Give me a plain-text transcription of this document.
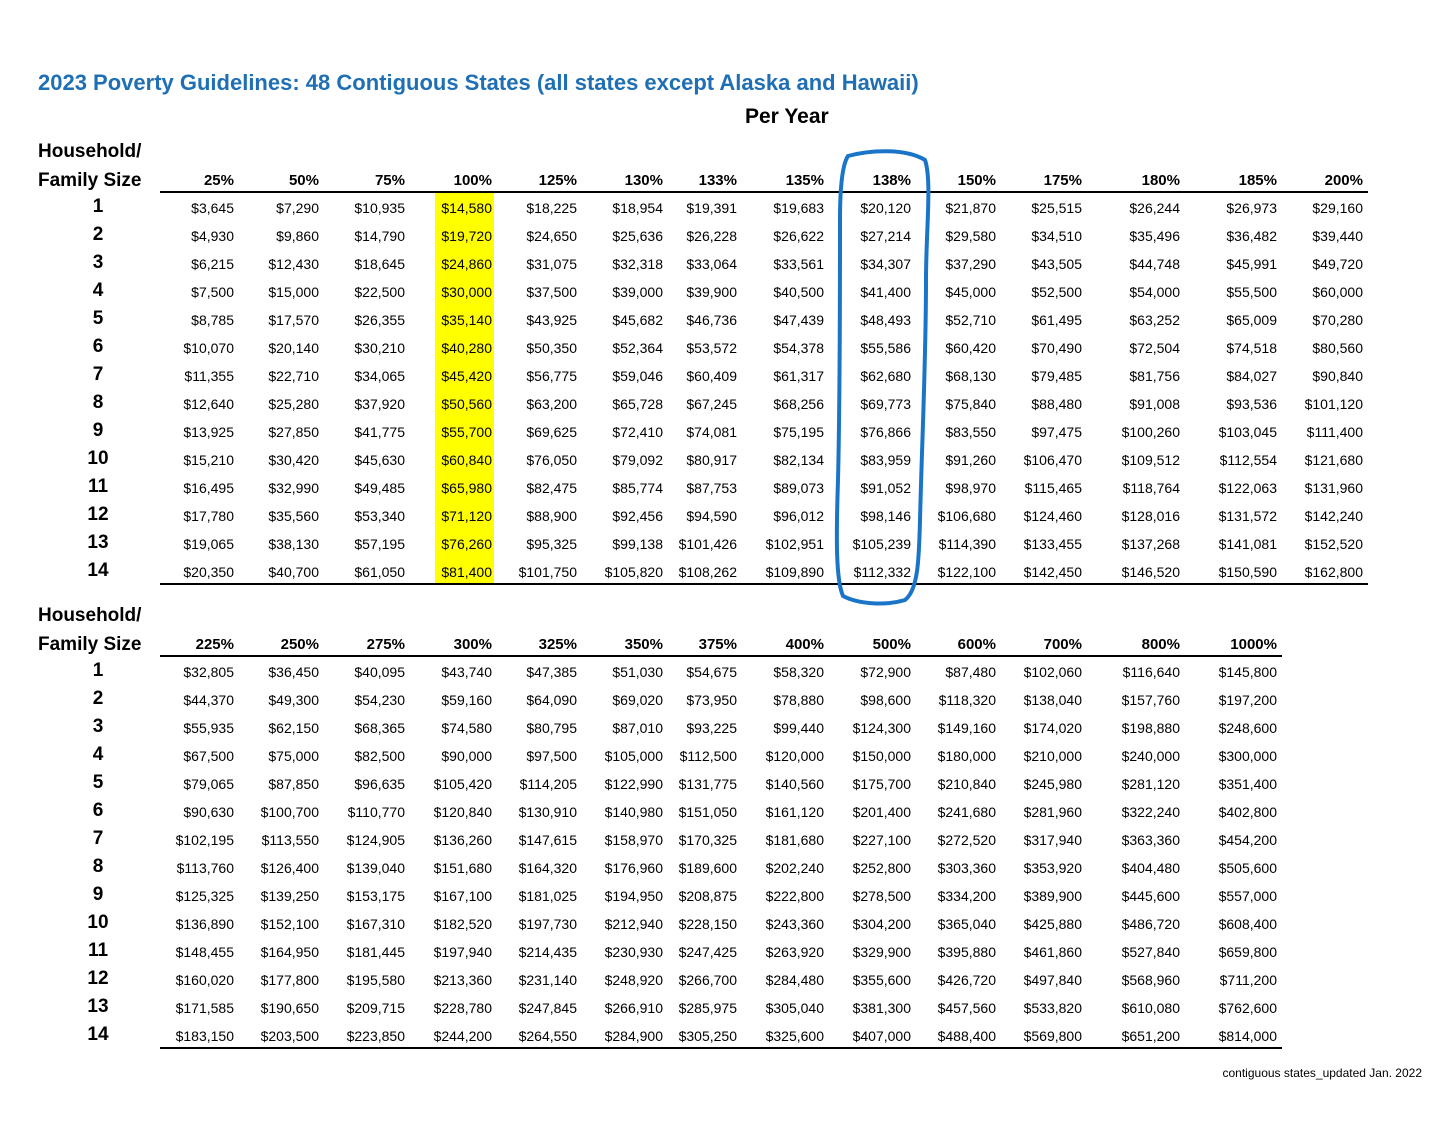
2023 Poverty Guidelines: 48 Contiguous States (all states except Alaska and Hawaii)
Per Year
Household/
Family Size	25%	50%	75%	100%	125%	130%	133%	135%	138%	150%	175%	180%	185%	200%
1	$3,645	$7,290	$10,935	$14,580	$18,225	$18,954	$19,391	$19,683	$20,120	$21,870	$25,515	$26,244	$26,973	$29,160
2	$4,930	$9,860	$14,790	$19,720	$24,650	$25,636	$26,228	$26,622	$27,214	$29,580	$34,510	$35,496	$36,482	$39,440
3	$6,215	$12,430	$18,645	$24,860	$31,075	$32,318	$33,064	$33,561	$34,307	$37,290	$43,505	$44,748	$45,991	$49,720
4	$7,500	$15,000	$22,500	$30,000	$37,500	$39,000	$39,900	$40,500	$41,400	$45,000	$52,500	$54,000	$55,500	$60,000
5	$8,785	$17,570	$26,355	$35,140	$43,925	$45,682	$46,736	$47,439	$48,493	$52,710	$61,495	$63,252	$65,009	$70,280
6	$10,070	$20,140	$30,210	$40,280	$50,350	$52,364	$53,572	$54,378	$55,586	$60,420	$70,490	$72,504	$74,518	$80,560
7	$11,355	$22,710	$34,065	$45,420	$56,775	$59,046	$60,409	$61,317	$62,680	$68,130	$79,485	$81,756	$84,027	$90,840
8	$12,640	$25,280	$37,920	$50,560	$63,200	$65,728	$67,245	$68,256	$69,773	$75,840	$88,480	$91,008	$93,536	$101,120
9	$13,925	$27,850	$41,775	$55,700	$69,625	$72,410	$74,081	$75,195	$76,866	$83,550	$97,475	$100,260	$103,045	$111,400
10	$15,210	$30,420	$45,630	$60,840	$76,050	$79,092	$80,917	$82,134	$83,959	$91,260	$106,470	$109,512	$112,554	$121,680
11	$16,495	$32,990	$49,485	$65,980	$82,475	$85,774	$87,753	$89,073	$91,052	$98,970	$115,465	$118,764	$122,063	$131,960
12	$17,780	$35,560	$53,340	$71,120	$88,900	$92,456	$94,590	$96,012	$98,146	$106,680	$124,460	$128,016	$131,572	$142,240
13	$19,065	$38,130	$57,195	$76,260	$95,325	$99,138	$101,426	$102,951	$105,239	$114,390	$133,455	$137,268	$141,081	$152,520
14	$20,350	$40,700	$61,050	$81,400	$101,750	$105,820	$108,262	$109,890	$112,332	$122,100	$142,450	$146,520	$150,590	$162,800
Household/
Family Size	225%	250%	275%	300%	325%	350%	375%	400%	500%	600%	700%	800%	1000%
1	$32,805	$36,450	$40,095	$43,740	$47,385	$51,030	$54,675	$58,320	$72,900	$87,480	$102,060	$116,640	$145,800
2	$44,370	$49,300	$54,230	$59,160	$64,090	$69,020	$73,950	$78,880	$98,600	$118,320	$138,040	$157,760	$197,200
3	$55,935	$62,150	$68,365	$74,580	$80,795	$87,010	$93,225	$99,440	$124,300	$149,160	$174,020	$198,880	$248,600
4	$67,500	$75,000	$82,500	$90,000	$97,500	$105,000	$112,500	$120,000	$150,000	$180,000	$210,000	$240,000	$300,000
5	$79,065	$87,850	$96,635	$105,420	$114,205	$122,990	$131,775	$140,560	$175,700	$210,840	$245,980	$281,120	$351,400
6	$90,630	$100,700	$110,770	$120,840	$130,910	$140,980	$151,050	$161,120	$201,400	$241,680	$281,960	$322,240	$402,800
7	$102,195	$113,550	$124,905	$136,260	$147,615	$158,970	$170,325	$181,680	$227,100	$272,520	$317,940	$363,360	$454,200
8	$113,760	$126,400	$139,040	$151,680	$164,320	$176,960	$189,600	$202,240	$252,800	$303,360	$353,920	$404,480	$505,600
9	$125,325	$139,250	$153,175	$167,100	$181,025	$194,950	$208,875	$222,800	$278,500	$334,200	$389,900	$445,600	$557,000
10	$136,890	$152,100	$167,310	$182,520	$197,730	$212,940	$228,150	$243,360	$304,200	$365,040	$425,880	$486,720	$608,400
11	$148,455	$164,950	$181,445	$197,940	$214,435	$230,930	$247,425	$263,920	$329,900	$395,880	$461,860	$527,840	$659,800
12	$160,020	$177,800	$195,580	$213,360	$231,140	$248,920	$266,700	$284,480	$355,600	$426,720	$497,840	$568,960	$711,200
13	$171,585	$190,650	$209,715	$228,780	$247,845	$266,910	$285,975	$305,040	$381,300	$457,560	$533,820	$610,080	$762,600
14	$183,150	$203,500	$223,850	$244,200	$264,550	$284,900	$305,250	$325,600	$407,000	$488,400	$569,800	$651,200	$814,000
contiguous states_updated Jan. 2022
